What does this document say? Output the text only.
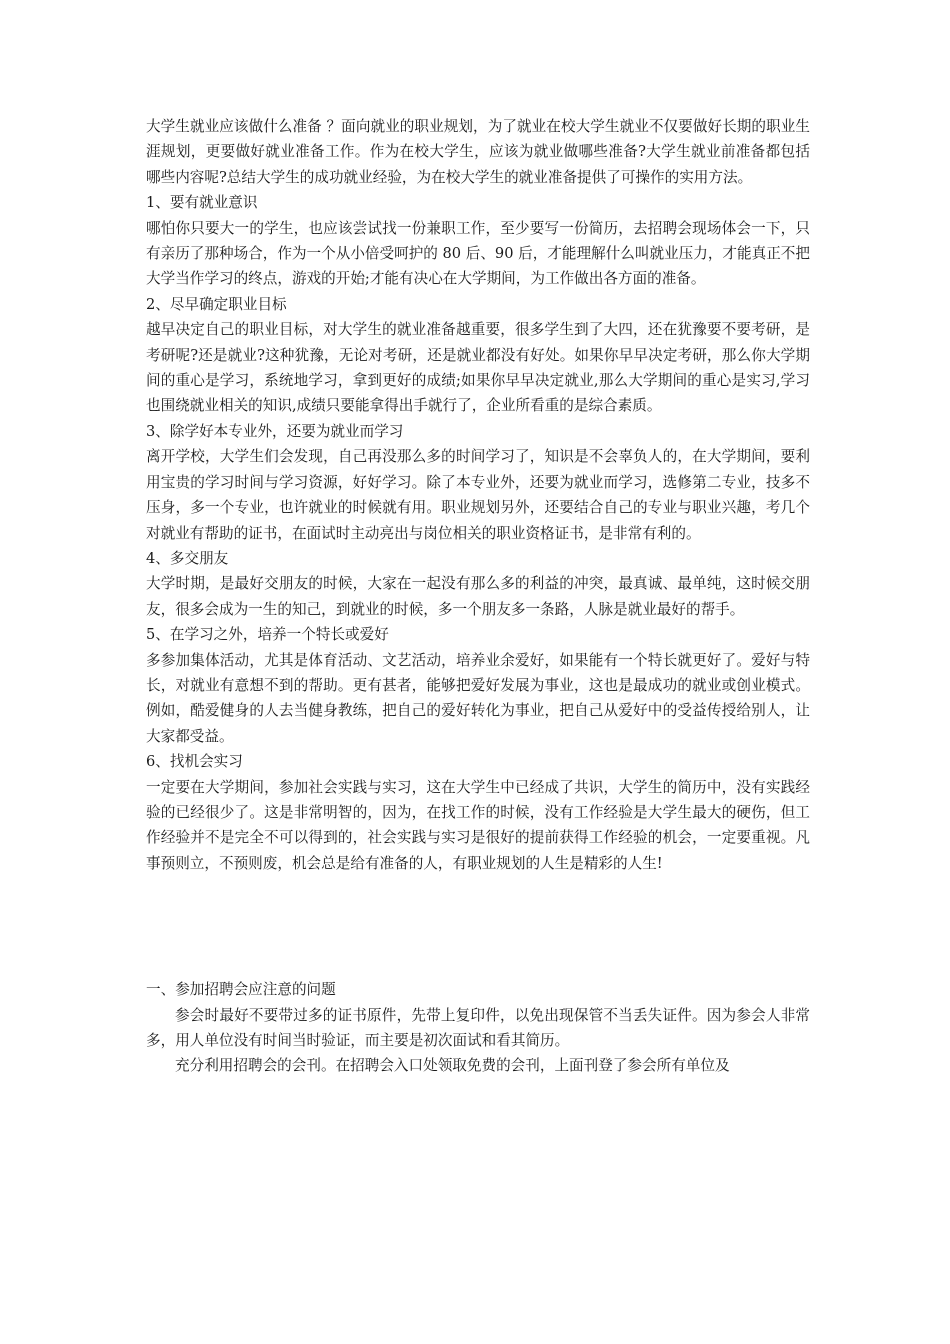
大学生就业应该做什么准备 ？面向就业的职业规划，为了就业在校大学生就业不仅要做好长期的职业生涯规划，更要做好就业准备工作。作为在校大学生，应该为就业做哪些准备?大学生就业前准备都包括哪些内容呢?总结大学生的成功就业经验，为在校大学生的就业准备提供了可操作的实用方法。

1、要有就业意识

哪怕你只要大一的学生，也应该尝试找一份兼职工作，至少要写一份简历，去招聘会现场体会一下，只有亲历了那种场合，作为一个从小倍受呵护的 80 后、90 后，才能理解什么叫就业压力，才能真正不把大学当作学习的终点，游戏的开始;才能有决心在大学期间，为工作做出各方面的准备。

2、尽早确定职业目标

越早决定自己的职业目标，对大学生的就业准备越重要，很多学生到了大四，还在犹豫要不要考研，是考研呢?还是就业?这种犹豫，无论对考研，还是就业都没有好处。如果你早早决定考研，那么你大学期间的重心是学习，系统地学习，拿到更好的成绩;如果你早早决定就业,那么大学期间的重心是实习,学习也围绕就业相关的知识,成绩只要能拿得出手就行了，企业所看重的是综合素质。

3、除学好本专业外，还要为就业而学习

离开学校，大学生们会发现，自己再没那么多的时间学习了，知识是不会辜负人的，在大学期间，要利用宝贵的学习时间与学习资源，好好学习。除了本专业外，还要为就业而学习，选修第二专业，技多不压身，多一个专业，也许就业的时候就有用。职业规划另外，还要结合自己的专业与职业兴趣，考几个对就业有帮助的证书，在面试时主动亮出与岗位相关的职业资格证书，是非常有利的。

4、多交朋友

大学时期，是最好交朋友的时候，大家在一起没有那么多的利益的冲突，最真诚、最单纯，这时候交朋友，很多会成为一生的知己，到就业的时候，多一个朋友多一条路，人脉是就业最好的帮手。

5、在学习之外，培养一个特长或爱好

多参加集体活动，尤其是体育活动、文艺活动，培养业余爱好，如果能有一个特长就更好了。爱好与特长，对就业有意想不到的帮助。更有甚者，能够把爱好发展为事业，这也是最成功的就业或创业模式。例如，酷爱健身的人去当健身教练，把自己的爱好转化为事业，把自己从爱好中的受益传授给别人，让大家都受益。

6、找机会实习

一定要在大学期间，参加社会实践与实习，这在大学生中已经成了共识，大学生的简历中，没有实践经验的已经很少了。这是非常明智的，因为，在找工作的时候，没有工作经验是大学生最大的硬伤，但工作经验并不是完全不可以得到的，社会实践与实习是很好的提前获得工作经验的机会，一定要重视。凡事预则立，不预则废，机会总是给有准备的人，有职业规划的人生是精彩的人生!

一、参加招聘会应注意的问题

参会时最好不要带过多的证书原件，先带上复印件，以免出现保管不当丢失证件。因为参会人非常多，用人单位没有时间当时验证，而主要是初次面试和看其简历。

充分利用招聘会的会刊。在招聘会入口处领取免费的会刊，上面刊登了参会所有单位及
